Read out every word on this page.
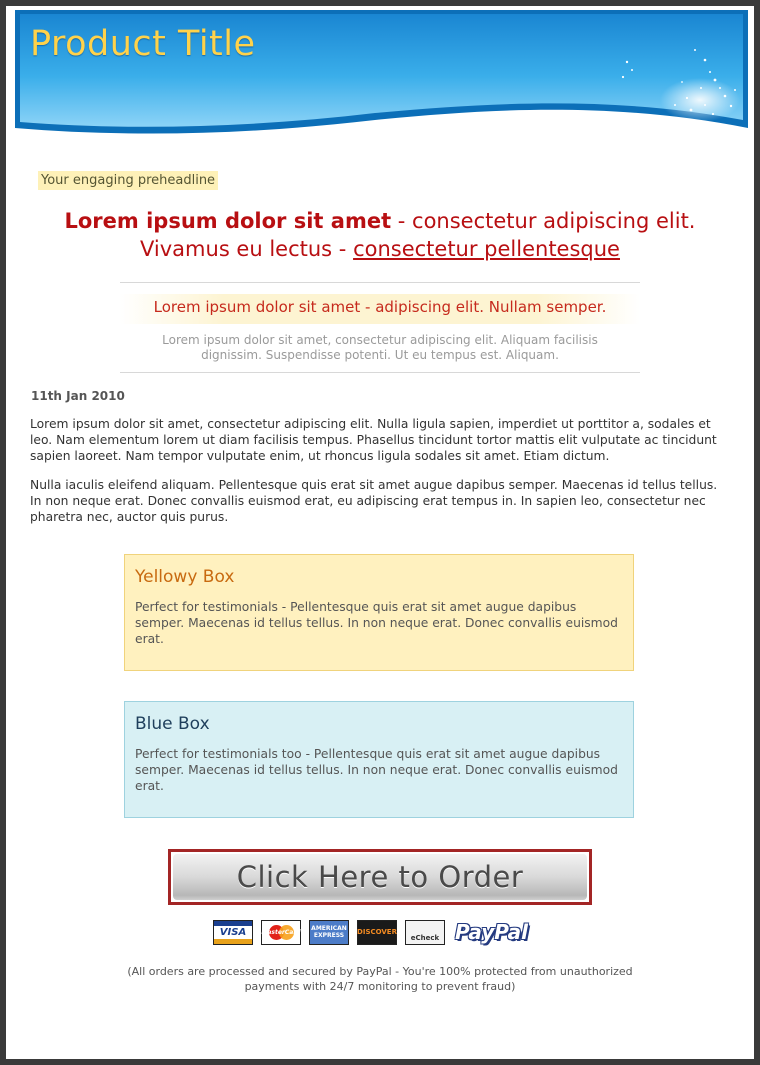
Product Title
Your engaging preheadline
Lorem ipsum dolor sit amet - consectetur adipiscing elit.
Vivamus eu lectus - consectetur pellentesque
Lorem ipsum dolor sit amet - adipiscing elit. Nullam semper.
Lorem ipsum dolor sit amet, consectetur adipiscing elit. Aliquam facilisis dignissim. Suspendisse potenti. Ut eu tempus est. Aliquam.
11th Jan 2010
Lorem ipsum dolor sit amet, consectetur adipiscing elit. Nulla ligula sapien, imperdiet ut porttitor a, sodales et leo. Nam elementum lorem ut diam facilisis tempus. Phasellus tincidunt tortor mattis elit vulputate ac tincidunt sapien laoreet. Nam tempor vulputate enim, ut rhoncus ligula sodales sit amet. Etiam dictum.
Nulla iaculis eleifend aliquam. Pellentesque quis erat sit amet augue dapibus semper. Maecenas id tellus tellus. In non neque erat. Donec convallis euismod erat, eu adipiscing erat tempus in. In sapien leo, consectetur nec pharetra nec, auctor quis purus.
Yellowy Box
Perfect for testimonials - Pellentesque quis erat sit amet augue dapibus semper. Maecenas id tellus tellus. In non neque erat. Donec convallis euismod erat.
Blue Box
Perfect for testimonials too - Pellentesque quis erat sit amet augue dapibus semper. Maecenas id tellus tellus. In non neque erat. Donec convallis euismod erat.
Click Here to Order
VISA	MasterCard AMERICAN EXPRESS	DISCOVER
eCheck PayPal
(All orders are processed and secured by PayPal - You're 100% protected from unauthorized payments with 24/7 monitoring to prevent fraud)
